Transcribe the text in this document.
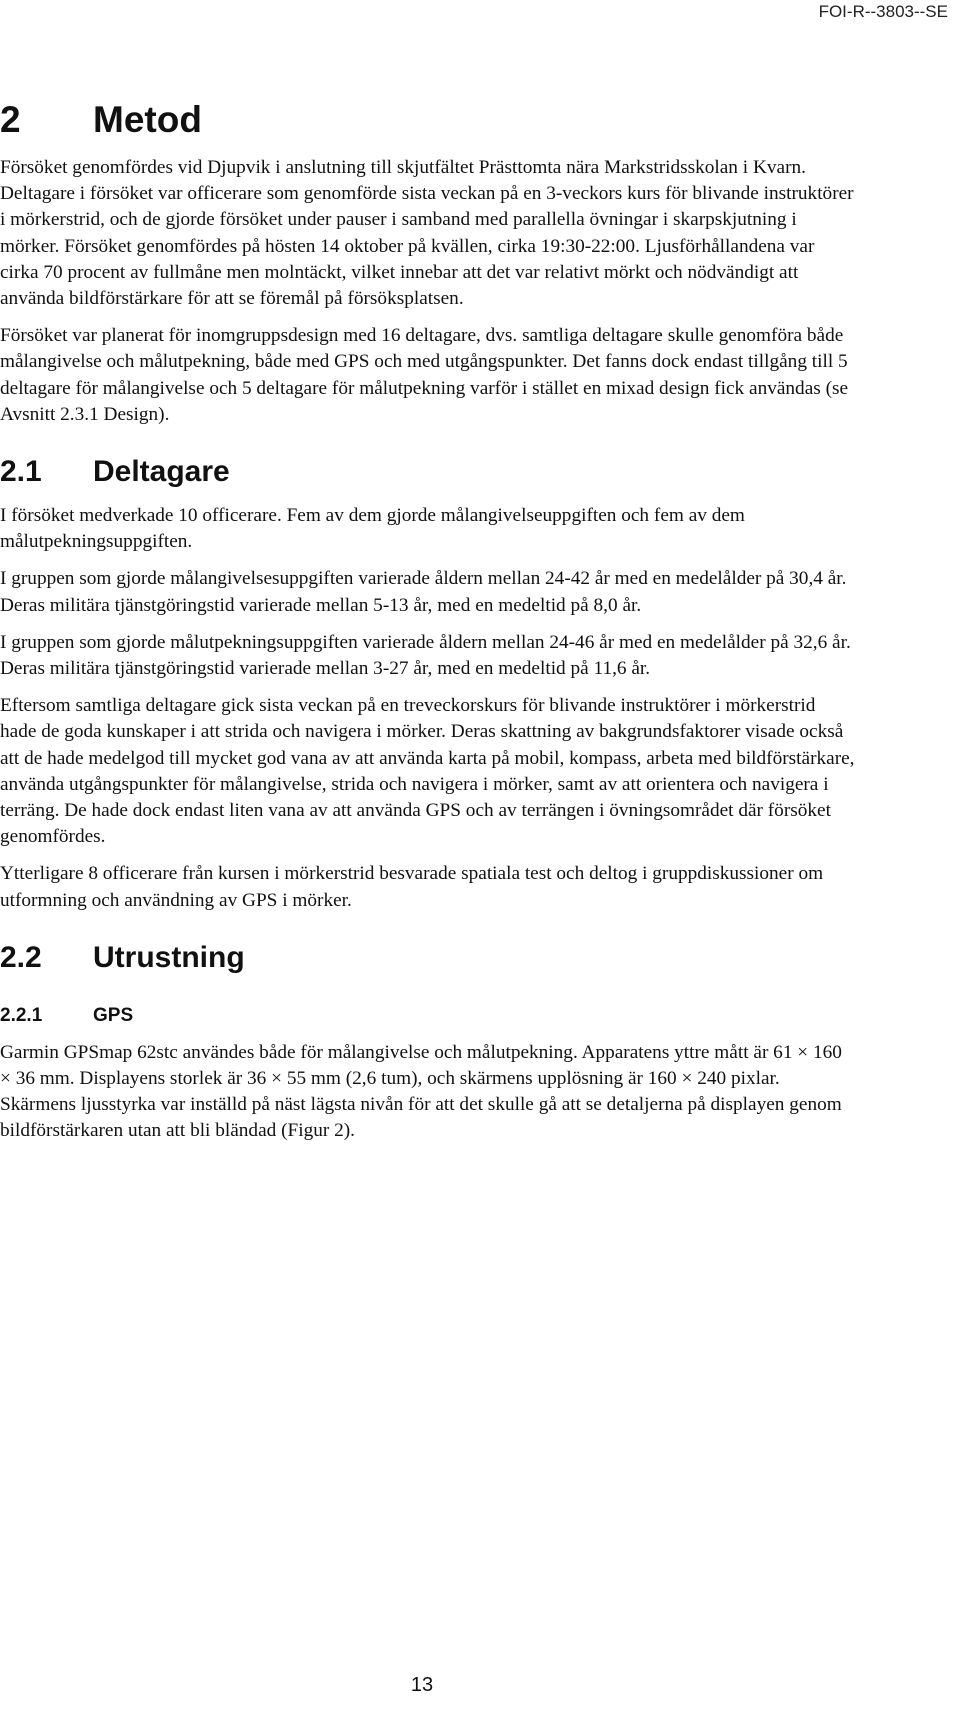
FOI-R--3803--SE
2	Metod

Försöket genomfördes vid Djupvik i anslutning till skjutfältet Prästtomta nära Markstridsskolan i Kvarn. Deltagare i försöket var officerare som genomförde sista veckan på en 3-veckors kurs för blivande instruktörer i mörkerstrid, och de gjorde försöket under pauser i samband med parallella övningar i skarpskjutning i mörker. Försöket genomfördes på hösten 14 oktober på kvällen, cirka 19:30-22:00. Ljusförhållandena var cirka 70 procent av fullmåne men molntäckt, vilket innebar att det var relativt mörkt och nödvändigt att använda bildförstärkare för att se föremål på försöksplatsen.

Försöket var planerat för inomgruppsdesign med 16 deltagare, dvs. samtliga deltagare skulle genomföra både målangivelse och målutpekning, både med GPS och med utgångspunkter. Det fanns dock endast tillgång till 5 deltagare för målangivelse och 5 deltagare för målutpekning varför i stället en mixad design fick användas (se Avsnitt 2.3.1 Design).

2.1	Deltagare

I försöket medverkade 10 officerare. Fem av dem gjorde målangivelseuppgiften och fem av dem målutpekningsuppgiften.

I gruppen som gjorde målangivelsesuppgiften varierade åldern mellan 24-42 år med en medelålder på 30,4 år. Deras militära tjänstgöringstid varierade mellan 5-13 år, med en medeltid på 8,0 år.

I gruppen som gjorde målutpekningsuppgiften varierade åldern mellan 24-46 år med en medelålder på 32,6 år. Deras militära tjänstgöringstid varierade mellan 3-27 år, med en medeltid på 11,6 år.

Eftersom samtliga deltagare gick sista veckan på en treveckorskurs för blivande instruktörer i mörkerstrid hade de goda kunskaper i att strida och navigera i mörker. Deras skattning av bakgrundsfaktorer visade också att de hade medelgod till mycket god vana av att använda karta på mobil, kompass, arbeta med bildförstärkare, använda utgångspunkter för målangivelse, strida och navigera i mörker, samt av att orientera och navigera i terräng. De hade dock endast liten vana av att använda GPS och av terrängen i övningsområdet där försöket genomfördes.

Ytterligare 8 officerare från kursen i mörkerstrid besvarade spatiala test och deltog i gruppdiskussioner om utformning och användning av GPS i mörker.

2.2	Utrustning
2.2.1	GPS

Garmin GPSmap 62stc användes både för målangivelse och målutpekning. Apparatens yttre mått är 61 × 160 × 36 mm. Displayens storlek är 36 × 55 mm (2,6 tum), och skärmens upplösning är 160 × 240 pixlar. Skärmens ljusstyrka var inställd på näst lägsta nivån för att det skulle gå att se detaljerna på displayen genom bildförstärkaren utan att bli bländad (Figur 2).

13
